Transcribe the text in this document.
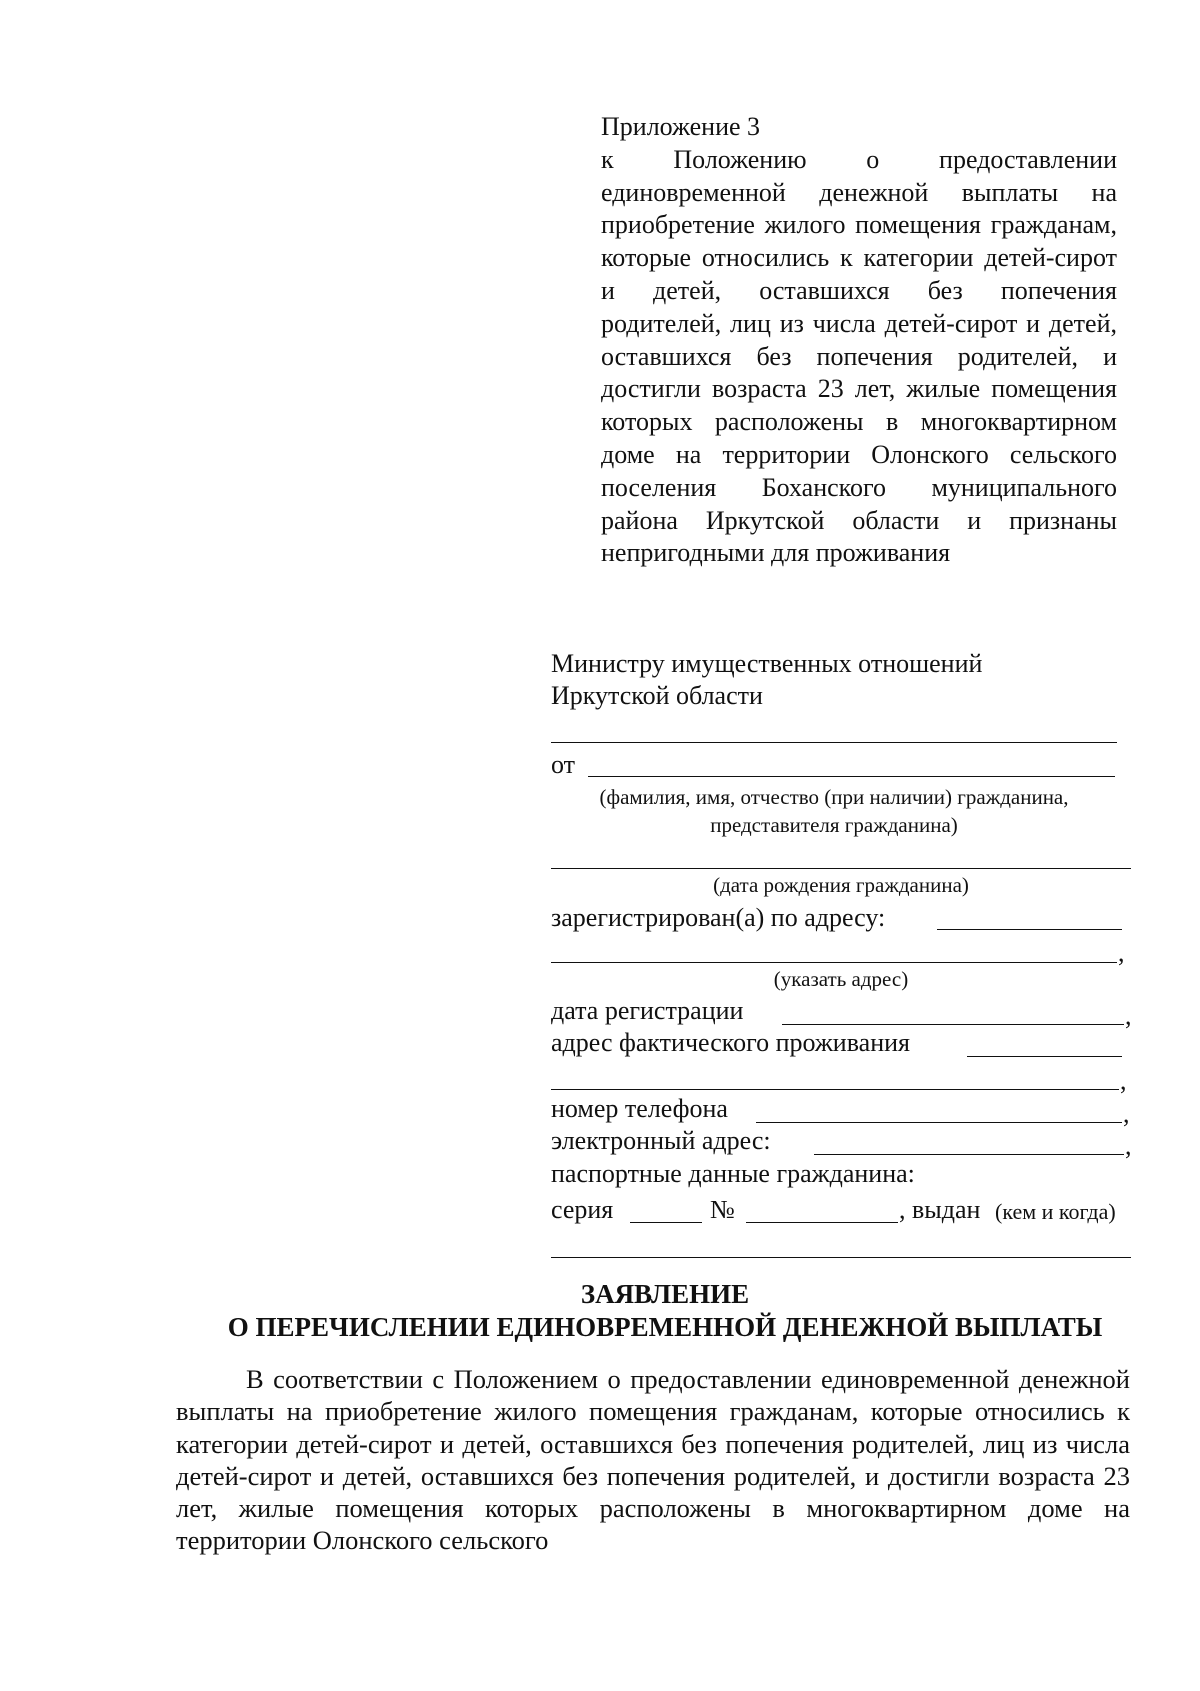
Приложение 3
к Положению о предоставлении единовременной денежной выплаты на приобретение жилого помещения гражданам, которые относились к категории детей-сирот и детей, оставшихся без попечения родителей, лиц из числа детей-сирот и детей, оставшихся без попечения родителей, и достигли возраста 23 лет, жилые помещения которых расположены в многоквартирном доме на территории Олонского сельского поселения Боханского муниципального района Иркутской области и признаны непригодными для проживания
Министру имущественных отношений
Иркутской области
от
(фамилия, имя, отчество (при наличии) гражданина,
представителя гражданина)
(дата рождения гражданина)
зарегистрирован(а) по адресу:
,
(указать адрес)
дата регистрации	,
адрес фактического проживания
,
номер телефона	,
электронный адрес:	,
паспортные данные гражданина:
серия	№	, выдан (кем и когда)
ЗАЯВЛЕНИЕ
О ПЕРЕЧИСЛЕНИИ ЕДИНОВРЕМЕННОЙ ДЕНЕЖНОЙ ВЫПЛАТЫ
В соответствии с Положением о предоставлении единовременной денежной выплаты на приобретение жилого помещения гражданам, которые относились к категории детей-сирот и детей, оставшихся без попечения родителей, лиц из числа детей-сирот и детей, оставшихся без попечения родителей, и достигли возраста 23 лет, жилые помещения которых расположены в многоквартирном доме на территории Олонского сельского
